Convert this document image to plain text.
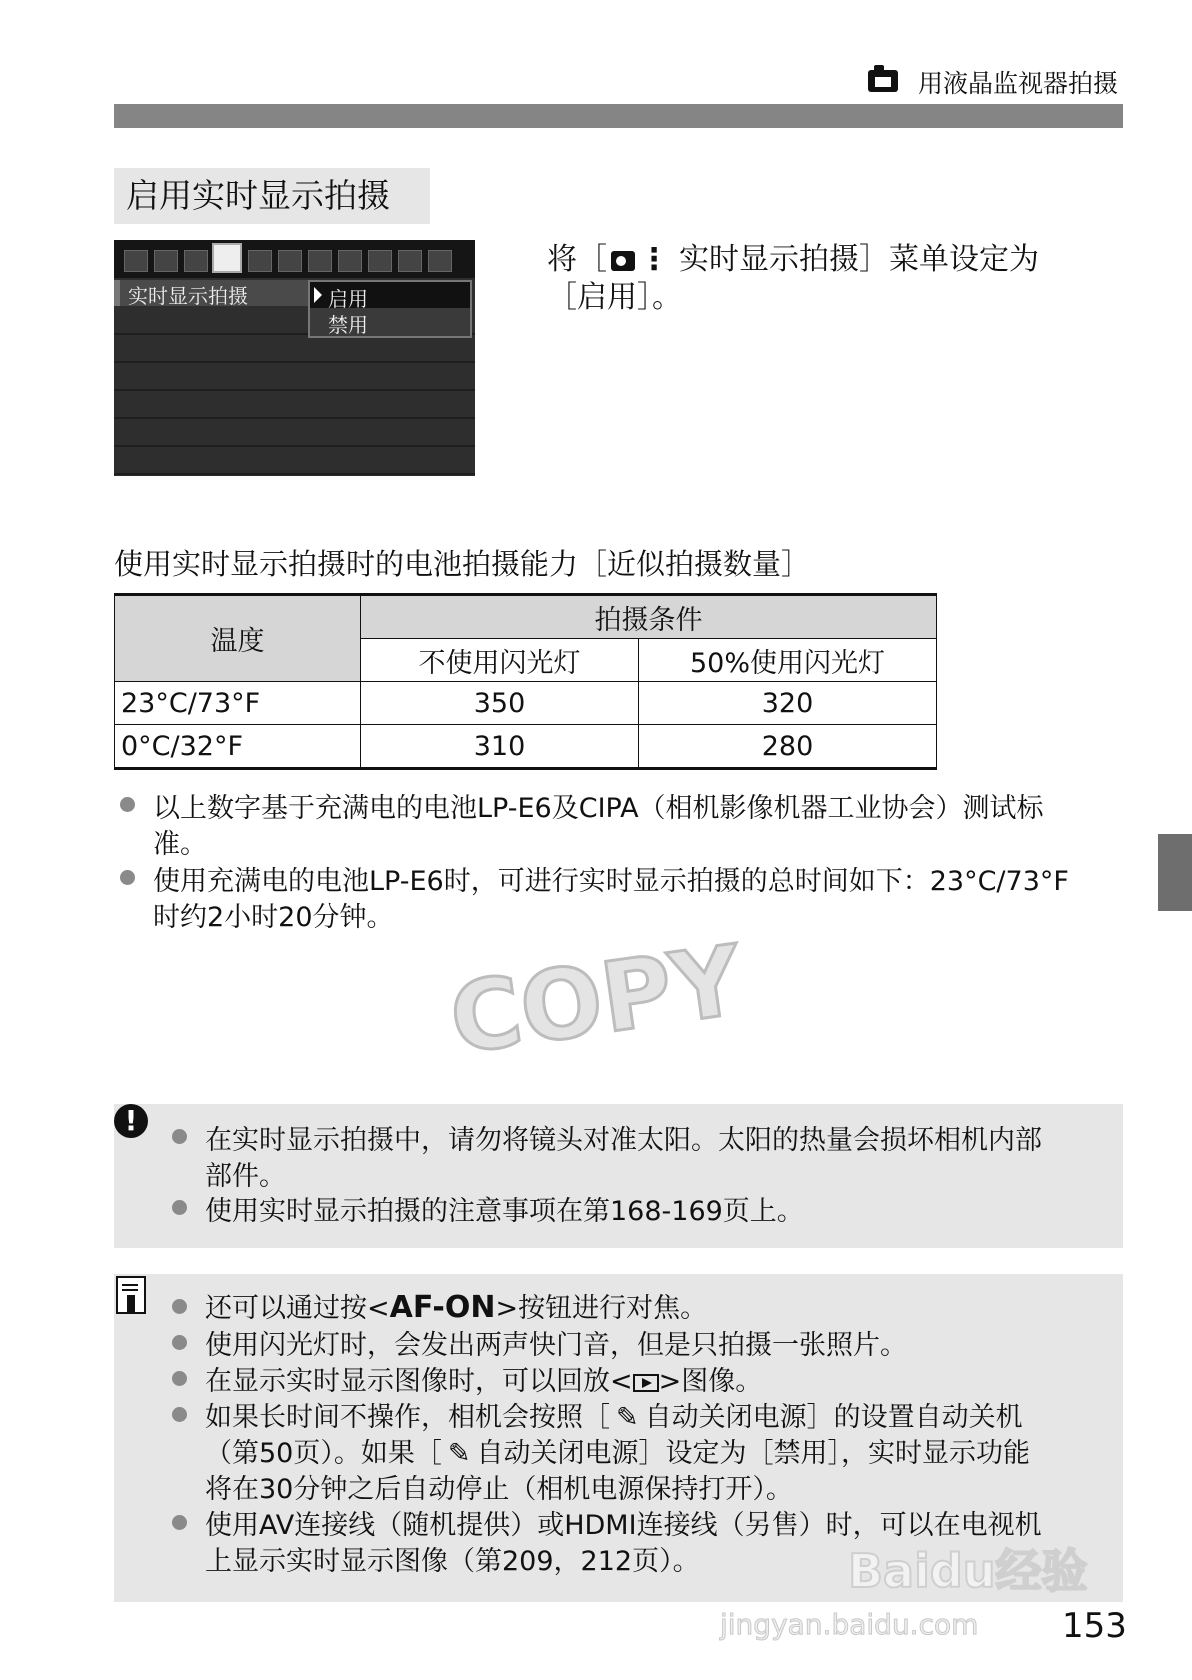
用液晶监视器拍摄
启用实时显示拍摄
实时显示拍摄	启用
禁用
将［ ⋮ 实时显示拍摄］菜单设定为
［启用］。
使用实时显示拍摄时的电池拍摄能力［近似拍摄数量］
温度	拍摄条件	
	不使用闪光灯	50%使用闪光灯
23°C/73°F	350	320
0°C/32°F	310	280
以上数字基于充满电的电池LP-E6及CIPA（相机影像机器工业协会）测试标
准。
使用充满电的电池LP-E6时，可进行实时显示拍摄的总时间如下：23°C/73°F
时约2小时20分钟。
COPY
!
在实时显示拍摄中，请勿将镜头对准太阳。太阳的热量会损坏相机内部
部件。
使用实时显示拍摄的注意事项在第168-169页上。
还可以通过按<AF-ON>按钮进行对焦。
使用闪光灯时，会发出两声快门音，但是只拍摄一张照片。
在显示实时显示图像时，可以回放< >图像。
如果长时间不操作，相机会按照［ ✎ 自动关闭电源］的设置自动关机
（第50页）。如果［ ✎ 自动关闭电源］设定为［禁用］，实时显示功能
将在30分钟之后自动停止（相机电源保持打开）。
使用AV连接线（随机提供）或HDMI连接线（另售）时，可以在电视机
上显示实时显示图像（第209，212页）。	Baidu经验
jingyan.baidu.com 153
